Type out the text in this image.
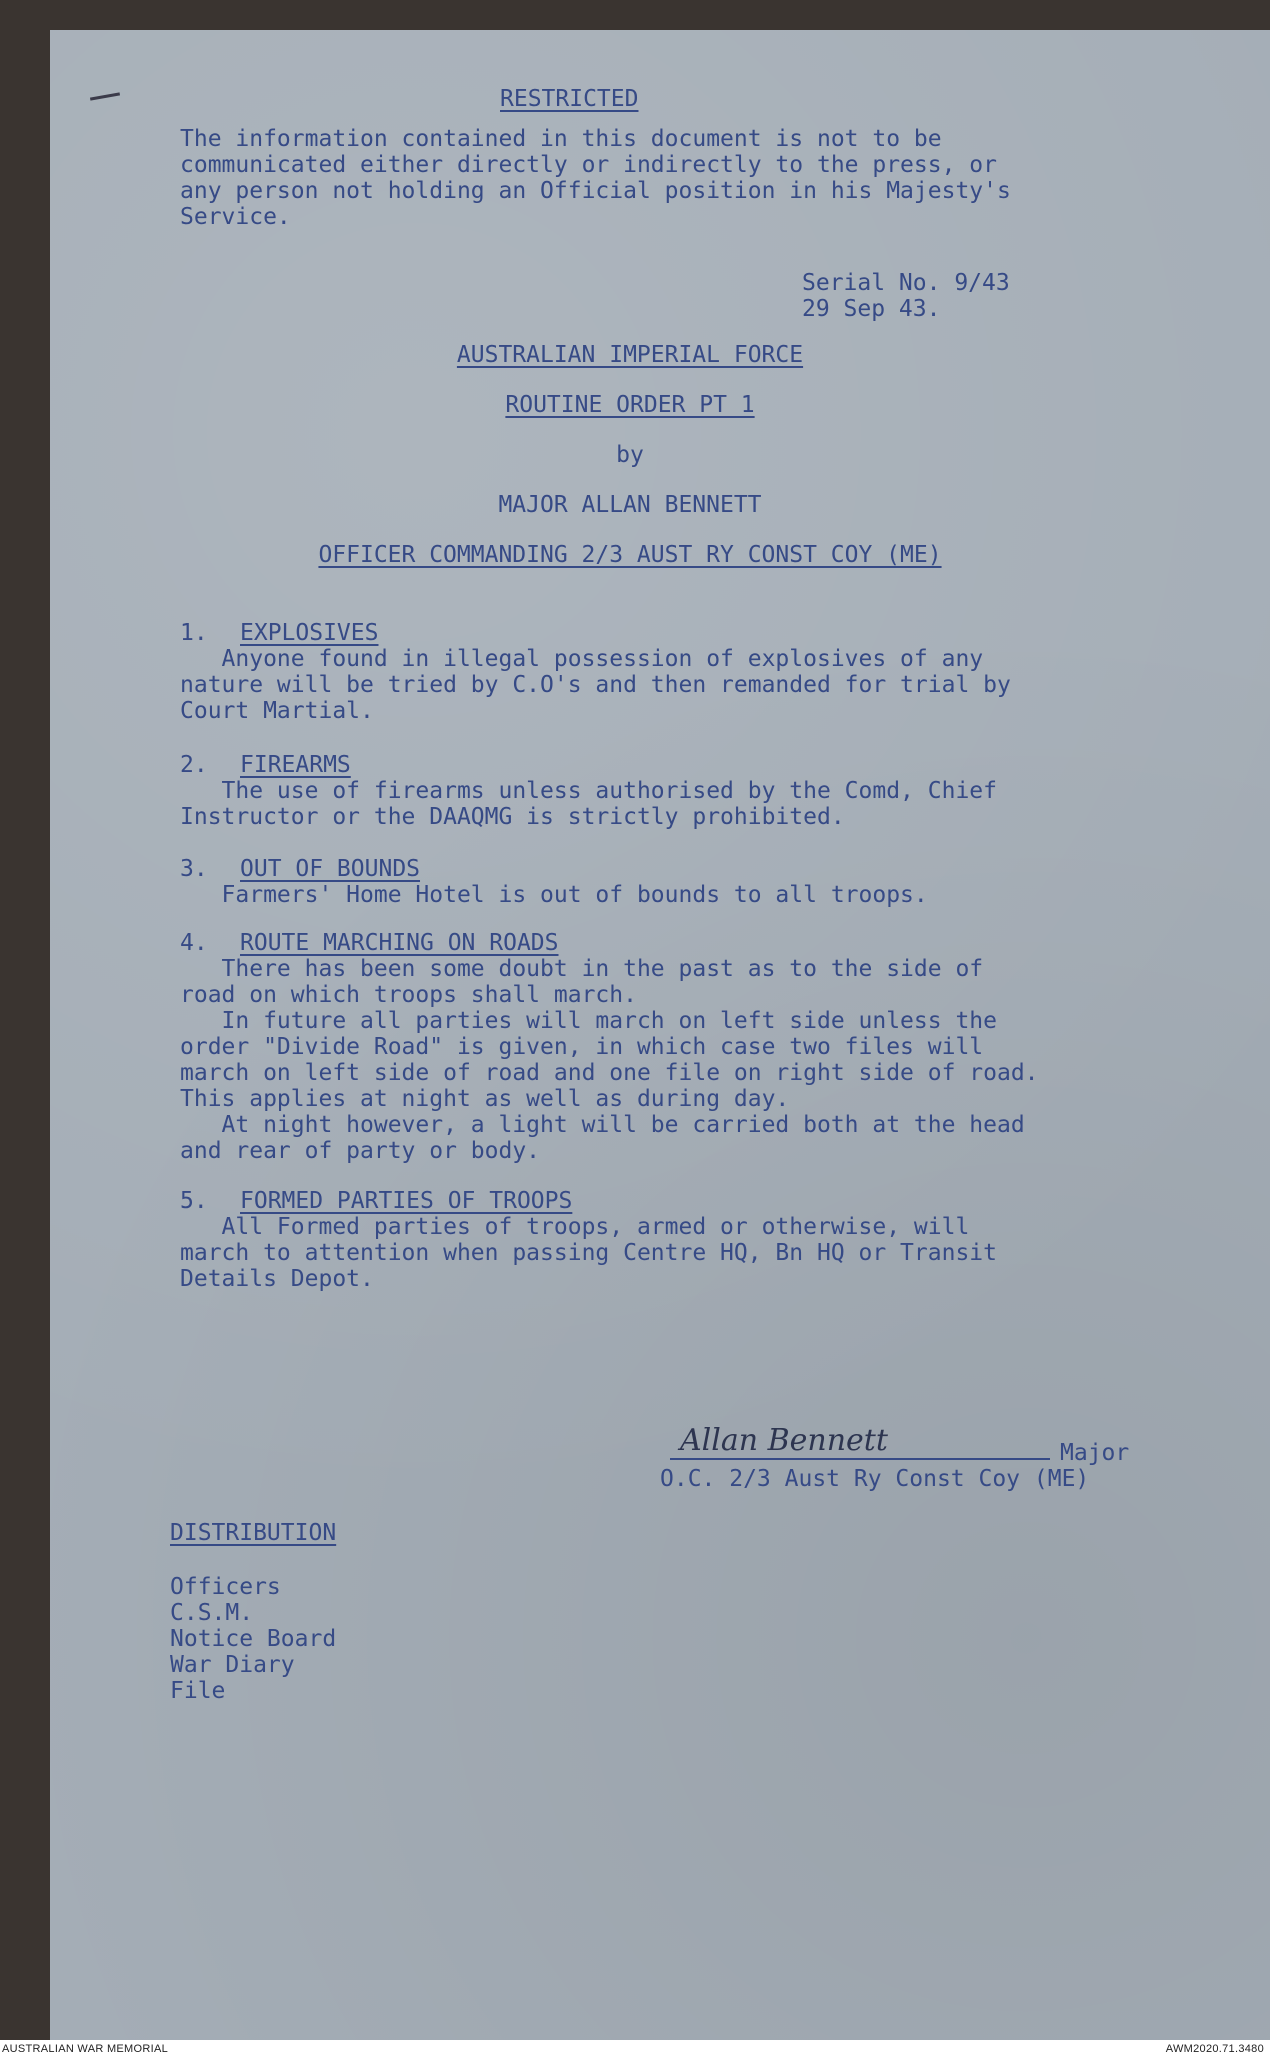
RESTRICTED
The information contained in this document is not to be
communicated either directly or indirectly to the press, or
any person not holding an Official position in his Majesty's
Service.
Serial No. 9/43
29 Sep 43.
AUSTRALIAN IMPERIAL FORCE
ROUTINE ORDER PT 1
by
MAJOR ALLAN BENNETT
OFFICER COMMANDING 2/3 AUST RY CONST COY (ME)
1. EXPLOSIVES
Anyone found in illegal possession of explosives of any
nature will be tried by C.O's and then remanded for trial by
Court Martial.
2. FIREARMS
The use of firearms unless authorised by the Comd, Chief
Instructor or the DAAQMG is strictly prohibited.
3. OUT OF BOUNDS
Farmers' Home Hotel is out of bounds to all troops.
4. ROUTE MARCHING ON ROADS
There has been some doubt in the past as to the side of
road on which troops shall march.
In future all parties will march on left side unless the
order "Divide Road" is given, in which case two files will
march on left side of road and one file on right side of road.
This applies at night as well as during day.
At night however, a light will be carried both at the head
and rear of party or body.
5. FORMED PARTIES OF TROOPS
All Formed parties of troops, armed or otherwise, will
march to attention when passing Centre HQ, Bn HQ or Transit
Details Depot.
Allan Bennett	Major
O.C. 2/3 Aust Ry Const Coy (ME)
DISTRIBUTION
Officers
C.S.M.
Notice Board
War Diary
File
AUSTRALIAN WAR MEMORIAL	AWM2020.71.3480
